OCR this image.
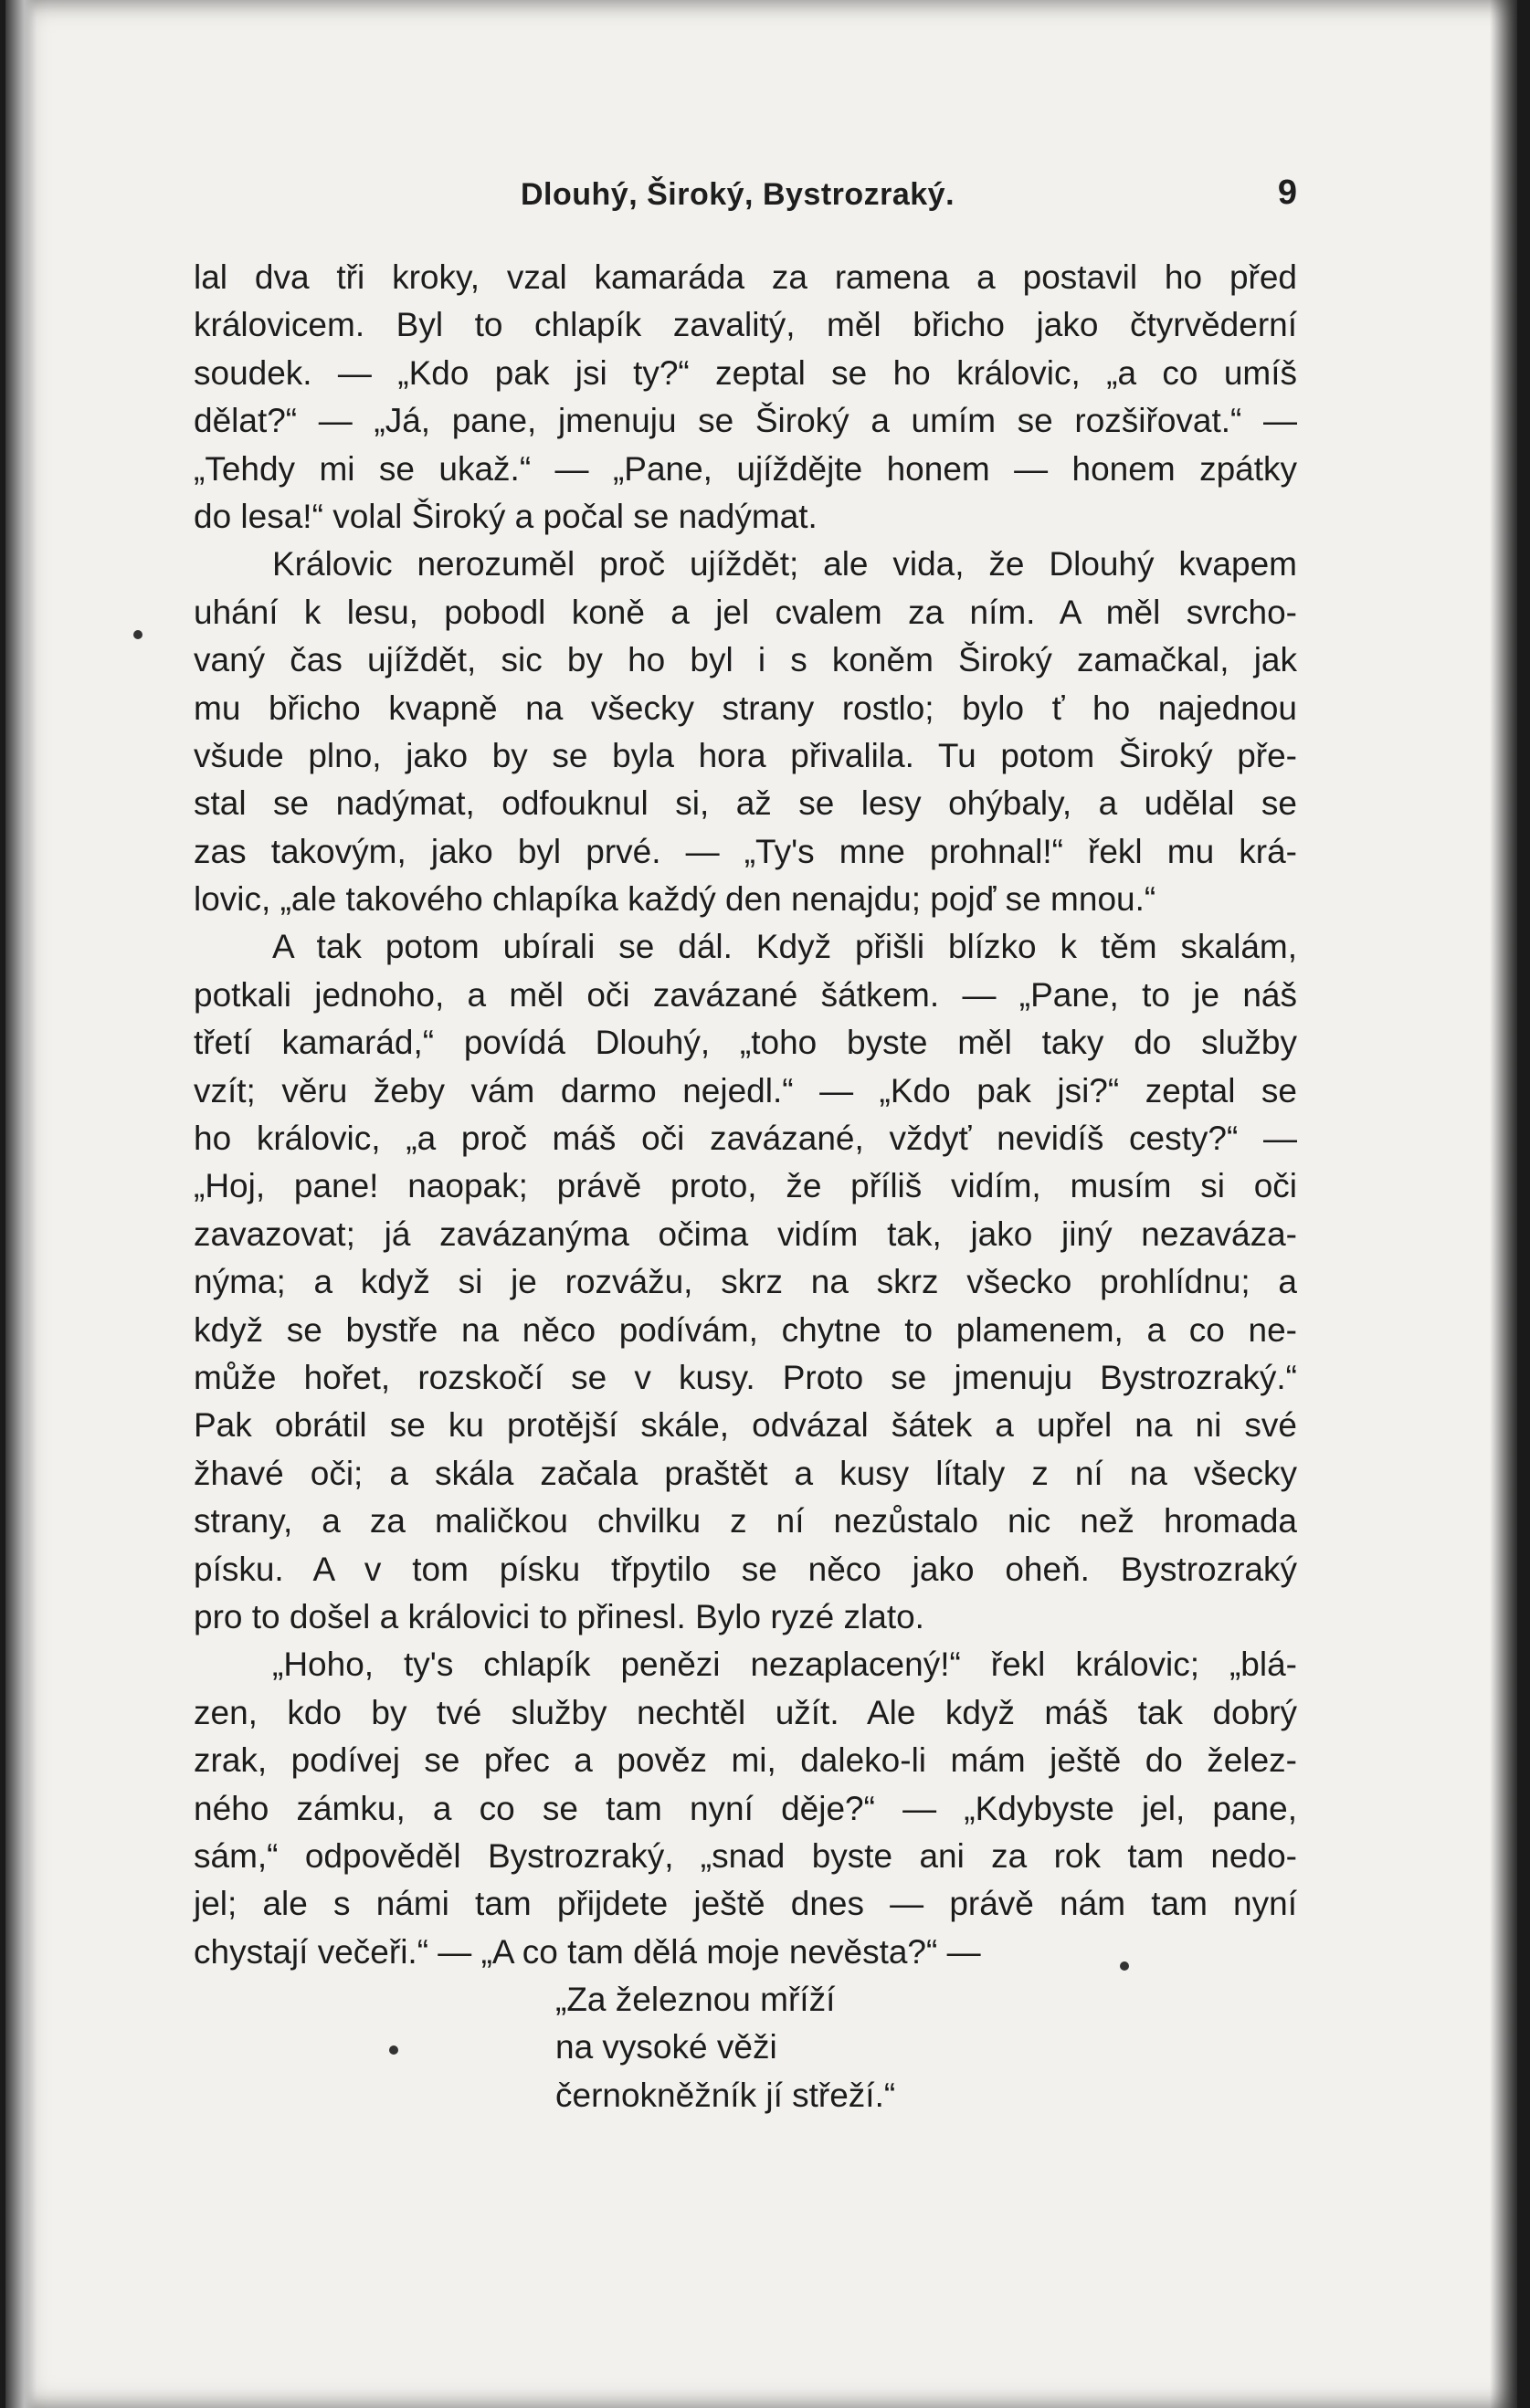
Dlouhý, Široký, Bystrozraký.	9
lal dva tři kroky, vzal kamaráda za ramena a postavil ho před
královicem. Byl to chlapík zavalitý, měl břicho jako čtyrvěderní
soudek. — „Kdo pak jsi ty?“ zeptal se ho královic, „a co umíš
dělat?“ — „Já, pane, jmenuju se Široký a umím se rozšiřovat.“ —
„Tehdy mi se ukaž.“ — „Pane, ujíždějte honem — honem zpátky
do lesa!“ volal Široký a počal se nadýmat.
Královic nerozuměl proč ujíždět; ale vida, že Dlouhý kvapem
uhání k lesu, pobodl koně a jel cvalem za ním. A měl svrcho-
vaný čas ujíždět, sic by ho byl i s koněm Široký zamačkal, jak
mu břicho kvapně na všecky strany rostlo; bylo ť ho najednou
všude plno, jako by se byla hora přivalila. Tu potom Široký pře-
stal se nadýmat, odfouknul si, až se lesy ohýbaly, a udělal se
zas takovým, jako byl prvé. — „Ty's mne prohnal!“ řekl mu krá-
lovic, „ale takového chlapíka každý den nenajdu; pojď se mnou.“
A tak potom ubírali se dál. Když přišli blízko k těm skalám,
potkali jednoho, a měl oči zavázané šátkem. — „Pane, to je náš
třetí kamarád,“ povídá Dlouhý, „toho byste měl taky do služby
vzít; věru žeby vám darmo nejedl.“ — „Kdo pak jsi?“ zeptal se
ho královic, „a proč máš oči zavázané, vždyť nevidíš cesty?“ —
„Hoj, pane! naopak; právě proto, že příliš vidím, musím si oči
zavazovat; já zavázanýma očima vidím tak, jako jiný nezavázа-
nýma; a když si je rozvážu, skrz na skrz všecko prohlídnu; a
když se bystře na něco podívám, chytne to plamenem, a co ne-
může hořet, rozskočí se v kusy. Proto se jmenuju Bystrozraký.“
Pak obrátil se ku protější skále, odvázal šátek a upřel na ni své
žhavé oči; a skála začala praštět a kusy lítaly z ní na všecky
strany, a za maličkou chvilku z ní nezůstalo nic než hromada
písku. A v tom písku třpytilo se něco jako oheň. Bystrozraký
pro to došel a královici to přinesl. Bylo ryzé zlato.
„Hoho, ty's chlapík penězi nezaplacený!“ řekl královic; „blá-
zen, kdo by tvé služby nechtěl užít. Ale když máš tak dobrý
zrak, podívej se přec a pověz mi, daleko-li mám ještě do želez-
ného zámku, a co se tam nyní děje?“ — „Kdybyste jel, pane,
sám,“ odpověděl Bystrozraký, „snad byste ani za rok tam nedo-
jel; ale s námi tam přijdete ještě dnes — právě nám tam nyní
chystají večeři.“ — „A co tam dělá moje nevěsta?“ —
„Za železnou mříží
na vysoké věži
černokněžník jí střeží.“
